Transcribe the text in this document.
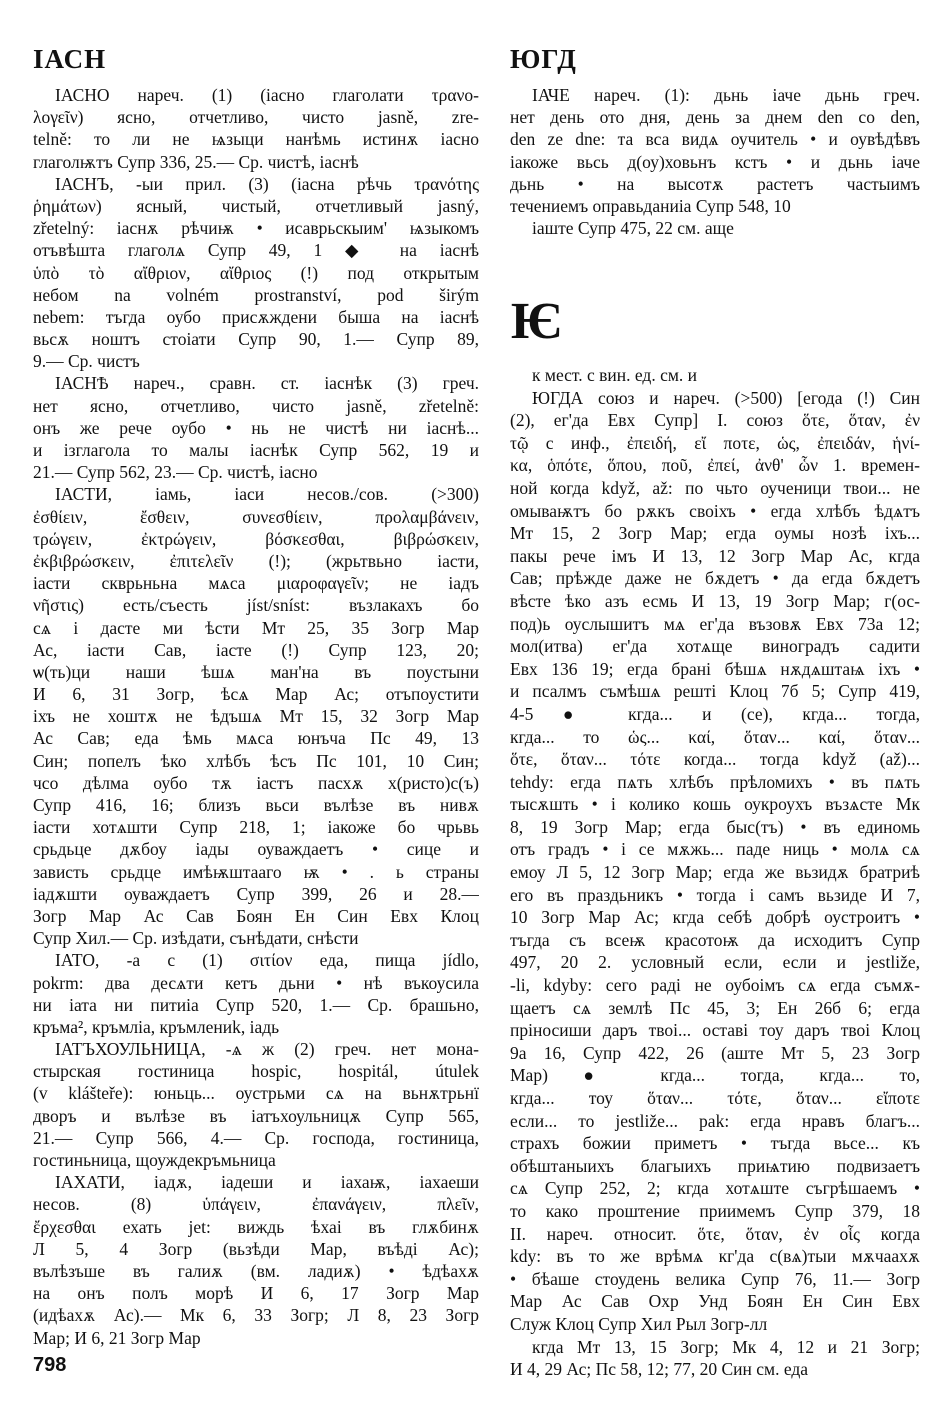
ІАСН	ЮГД
ІАСНО нареч. (1) (іасно глаголати τρανο-
λογεῖν) ясно, отчетливо, чисто jasně, zre-
telně: то ли не ѩзыци нанѣмь истинѫ іасно
глаголѭтъ Супр 336, 25.— Ср. чистѣ, іаснѣ
ІАСНЪ, -ыи прил. (3) (іасна рѣчь τρανότης
ῥημάτων) ясный, чистый, отчетливый jasný,
zřetelný: іаснѫ рѣчиѭ • исаврьскыим' ѩзыкомъ
отъвѣшта глаголѧ Супр 49, 1 ◆ на іаснѣ
ὑπὸ τὸ αἴθριον, αἴθριος (!) под открытым
небом na volném prostranství, pod širým
nebem: тъгда оубо присѫждени быша на іаснѣ
вьсѫ ноштъ стоіати Супр 90, 1.— Супр 89,
9.— Ср. чистъ
ІАСНѢ нареч., сравн. ст. іаснѣк (3) греч.
нет ясно, отчетливо, чисто jasně, zřetelně:
онъ же рече оубо • нь не чистѣ ни іаснѣ...
и ізглагола то малы іаснѣк Супр 562, 19 и
21.— Супр 562, 23.— Ср. чистѣ, іасно
ІАСТИ, іамь, іаси несов./сов. (>300)
ἐσθίειν, ἔσθειν, συνεσθίειν, προλαμβάνειν,
τρώγειν, ἐκτρώγειν, βόσκεσθαι, βιβρώσκειν,
ἐκβιβρώσκειν, ἐπιτελεῖν (!); (жрьтвьно іасти,
іасти скврьньна мѧса μιαροφαγεῖν; не іадъ
νῆστις) есть/съесть jíst/sníst: възлакахъ бо
сѧ і дасте ми ѣсти Мт 25, 35 Зогр Мар
Ас, іасти Сав, іасте (!) Супр 123, 20;
ѡ(ть)ци наши ѣшѧ ман'на въ поустыни
И 6, 31 Зогр, ѣсѧ Мар Ас; отъпоустити
іхъ не хоштѫ не ѣдъшѧ Мт 15, 32 Зогр Мар
Ас Сав; еда ѣмь мѧса юнъча Пс 49, 13
Син; попелъ ѣко хлѣбъ ѣсъ Пс 101, 10 Син;
чсо дѣлма оубо тѫ іастъ пасхѫ х(ристо)с(ъ)
Супр 416, 16; близъ вьси вълѣзе въ нивѫ
іасти хотѧшти Супр 218, 1; іакоже бо чрьвь
срьдьце дѫбоу іады оуваждаетъ • сице и
зависть срьдце имѣѭштааго ѭ • . ь страны
іадѫшти оуваждаетъ Супр 399, 26 и 28.—
Зогр Мар Ас Сав Боян Ен Син Евх Клоц
Супр Хил.— Ср. изѣдати, сънѣдати, снѣсти
ІАТО, -а с (1) σιτίον еда, пища jídlo,
pokrm: два десѧти кетъ дьни • нѣ въкоусила
ни іата ни питиіа Супр 520, 1.— Ср. брашьно,
кръма², кръмліа, кръмлениk, іадь
ІАТЪХОУЛЬНИЦА, -ѧ ж (2) греч. нет мона-
стырская гостиница hospic, hospitál, útulek
(v klášteře): юньць... оустрьми сѧ на вьнѫтрьнї
дворъ и вълѣзе въ іатъхоульницѫ Супр 565,
21.— Супр 566, 4.— Ср. господа, гостиница,
гостиньница, щоуждекръмьница
ІАХАТИ, іадѫ, іадеши и іахаѭ, іахаеши
несов. (8) ὑπάγειν, ἐπανάγειν, πλεῖν,
ἔρχεσθαι ехать jet: виждь ѣхаі въ глѫбинѫ
Л 5, 4 Зогр (вьзѣди Мар, въѣді Ас);
вълѣзъше въ галиѫ (вм. ладиѫ) • ѣдѣахѫ
на онъ полъ морѣ И 6, 17 Зогр Мар
(идѣахѫ Ас).— Мк 6, 33 Зогр; Л 8, 23 Зогр
Мар; И 6, 21 Зогр Мар
ІАЧЕ нареч. (1): дьнь іаче дьнь греч.
нет день ото дня, день за днем den co den,
den ze dne: та вса видѧ оучитель • и оувѣдѣвъ
іакоже вьсь д(оу)ховьнъ кстъ • и дьнь іаче
дьнь • на высотѫ растетъ частыимъ
течениемъ оправьданиіа Супр 548, 10
іаште Супр 475, 22 см. аще
Ѥ
к мест. с вин. ед. см. и
ЮГДА союз и нареч. (>500) [егода (!) Син
(2), ег'да Евх Супр] I. союз ὅτε, ὅταν, ἐν
τῷ с инф., ἐπειδή, εἴ ποτε, ὡς, ἐπειδάν, ἡνί-
κα, ὁπότε, ὅπου, ποῦ, ἐπεί, ἀνθ' ὧν 1. времен-
ной когда když, až: по чьто оученици твои... не
омываѭтъ бо рѫкъ своіхъ • егда хлѣбъ ѣдѧтъ
Мт 15, 2 Зогр Мар; егда оумы нозѣ іхъ...
пакы рече імъ И 13, 12 Зогр Мар Ас, кгда
Сав; прѣжде даже не бѫдетъ • да егда бѫдетъ
вѣсте ѣко азъ есмь И 13, 19 Зогр Мар; г(ос-
под)ь оуслышитъ мѧ ег'да възовѫ Евх 73а 12;
мол(итва) ег'да хотѧще виноградъ садити
Евх 136 19; егда брані бѣшѧ нѫдѧштаѩ іхъ •
и псалмъ съмѣшѧ решті Клоц 7б 5; Супр 419,
4-5 ● кгда... и (се), кгда... тогда,
кгда... то ὡς... καί, ὅταν... καί, ὅταν...
ὅτε, ὅταν... τότε когда... тогда když (až)...
tehdy: егда пѧть хлѣбъ прѣломихъ • въ пѧть
тысѫшть • і колико кошь оукроухъ възѧсте Мк
8, 19 Зогр Мар; егда быс(тъ) • въ единомь
отъ градъ • і се мѫжь... паде ниць • молѧ сѧ
емоу Л 5, 12 Зогр Мар; егда же вьзидѫ братриѣ
его въ праздьникъ • тогда і самъ вьзиде И 7,
10 Зогр Мар Ас; кгда себѣ добрѣ оустроитъ •
тъгда съ всеѭ красотоѭ да исходитъ Супр
497, 20 2. условный если, если и jestliže,
-li, kdyby: сего раді не оубоімъ сѧ егда съмѫ-
щаетъ сѧ землѣ Пс 45, 3; Ен 26б 6; егда
пріносиши даръ твоі... оставі тоу даръ твоі Клоц
9а 16, Супр 422, 26 (аште Мт 5, 23 Зогр
Мар) ● кгда... тогда, кгда... то,
кгда... тоу ὅταν... τότε, ὅταν... εἴποτε
если... то jestliže... pak: егда нравъ благъ...
страхъ божии приметъ • тъгда вьсе... къ
обѣштаныихъ благыихъ приѩтию подвизаетъ
сѧ Супр 252, 2; кгда хотѧште съгрѣшаемъ •
то како проштение приимемъ Супр 379, 18
II. нареч. относит. ὅτε, ὅταν, ἐν οἷς когда
kdy: въ то же врѣмѧ кг'да с(вѧ)тыи мѫчаахѫ
• бѣаше стоудень велика Супр 76, 11.— Зогр
Мар Ас Сав Охр Унд Боян Ен Син Евх
Служ Клоц Супр Хил Рыл Зогр-лл
кгда Мт 13, 15 Зогр; Мк 4, 12 и 21 Зогр;
И 4, 29 Ас; Пс 58, 12; 77, 20 Син см. еда
798
